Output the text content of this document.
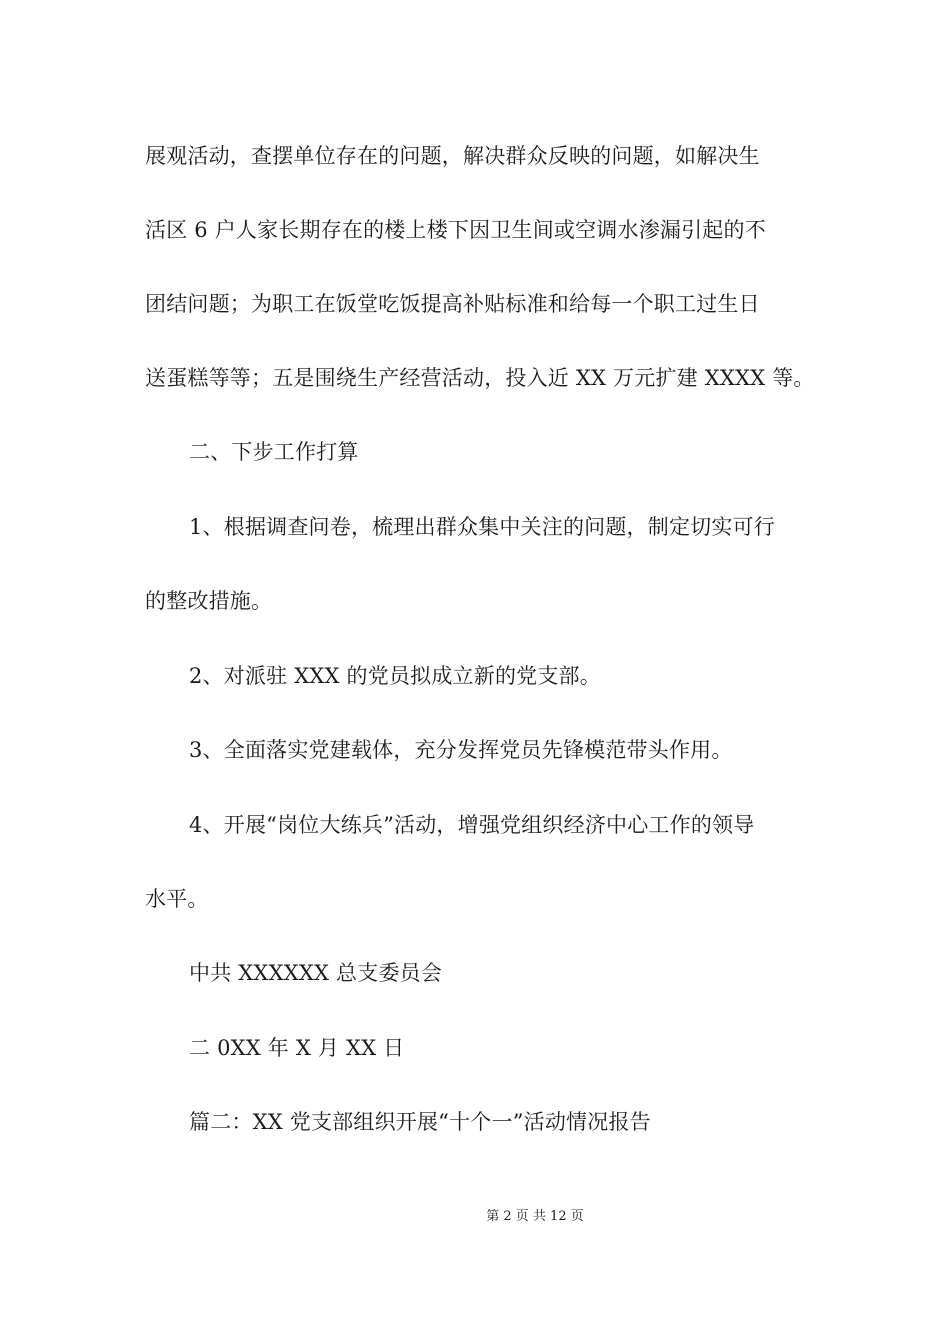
展观活动，查摆单位存在的问题，解决群众反映的问题，如解决生
活区 6 户人家长期存在的楼上楼下因卫生间或空调水渗漏引起的不
团结问题；为职工在饭堂吃饭提高补贴标准和给每一个职工过生日
送蛋糕等等；五是围绕生产经营活动，投入近 XX 万元扩建 XXXX 等。
二、下步工作打算
1、根据调查问卷，梳理出群众集中关注的问题，制定切实可行
的整改措施。
2、对派驻 XXX 的党员拟成立新的党支部。
3、全面落实党建载体，充分发挥党员先锋模范带头作用。
4、开展“岗位大练兵”活动，增强党组织经济中心工作的领导
水平。
中共 XXXXXX 总支委员会
二 0XX 年 X 月 XX 日
篇二：XX 党支部组织开展“十个一”活动情况报告
第 2 页 共 12 页
